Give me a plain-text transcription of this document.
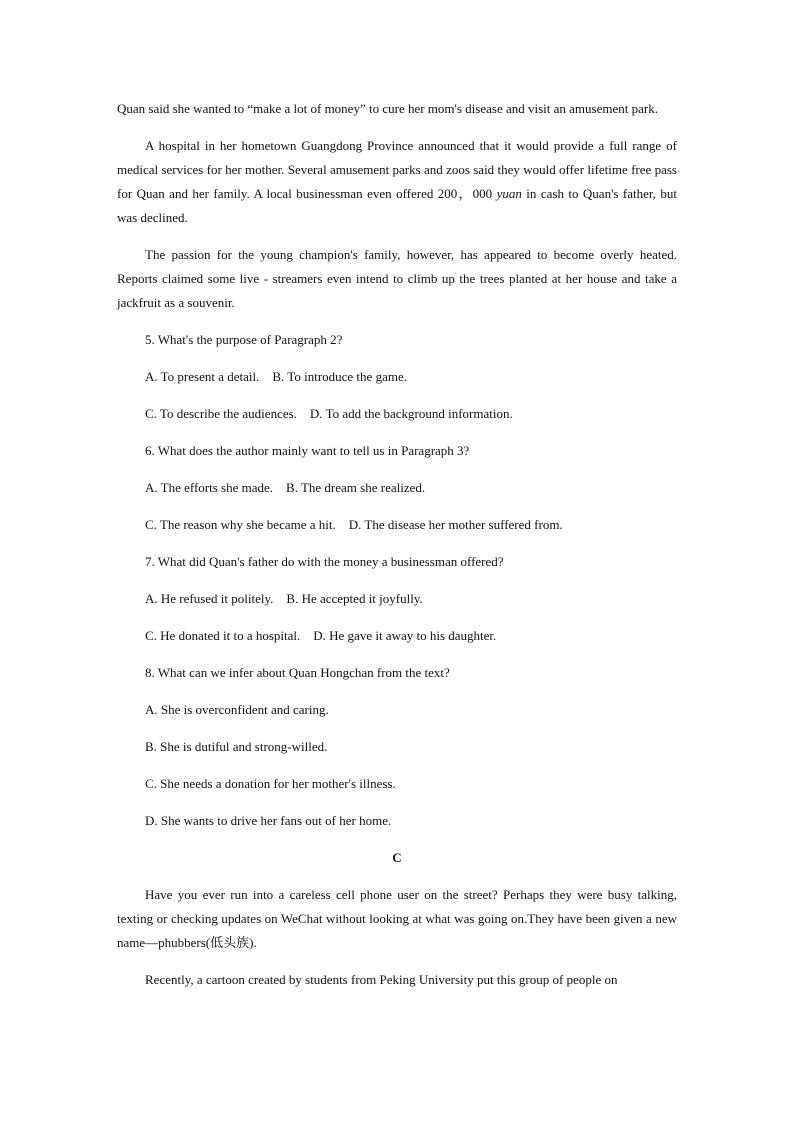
Quan said she wanted to “make a lot of money” to cure her mom's disease and visit an amusement park.

A hospital in her hometown Guangdong Province announced that it would provide a full range of medical services for her mother. Several amusement parks and zoos said they would offer lifetime free pass for Quan and her family. A local businessman even offered 200，000 yuan in cash to Quan's father, but was declined.

The passion for the young champion's family, however, has appeared to become overly heated. Reports claimed some live - streamers even intend to climb up the trees planted at her house and take a jackfruit as a souvenir.

5. What's the purpose of Paragraph 2?

A. To present a detail.    B. To introduce the game.

C. To describe the audiences.    D. To add the background information.

6. What does the author mainly want to tell us in Paragraph 3?

A. The efforts she made.    B. The dream she realized.

C. The reason why she became a hit.    D. The disease her mother suffered from.

7. What did Quan's father do with the money a businessman offered?

A. He refused it politely.    B. He accepted it joyfully.

C. He donated it to a hospital.    D. He gave it away to his daughter.

8. What can we infer about Quan Hongchan from the text?

A. She is overconfident and caring.

B. She is dutiful and strong-willed.

C. She needs a donation for her mother's illness.

D. She wants to drive her fans out of her home.

C

Have you ever run into a careless cell phone user on the street? Perhaps they were busy talking, texting or checking updates on WeChat without looking at what was going on.They have been given a new name—phubbers(低头族).

Recently, a cartoon created by students from Peking University put this group of people on
